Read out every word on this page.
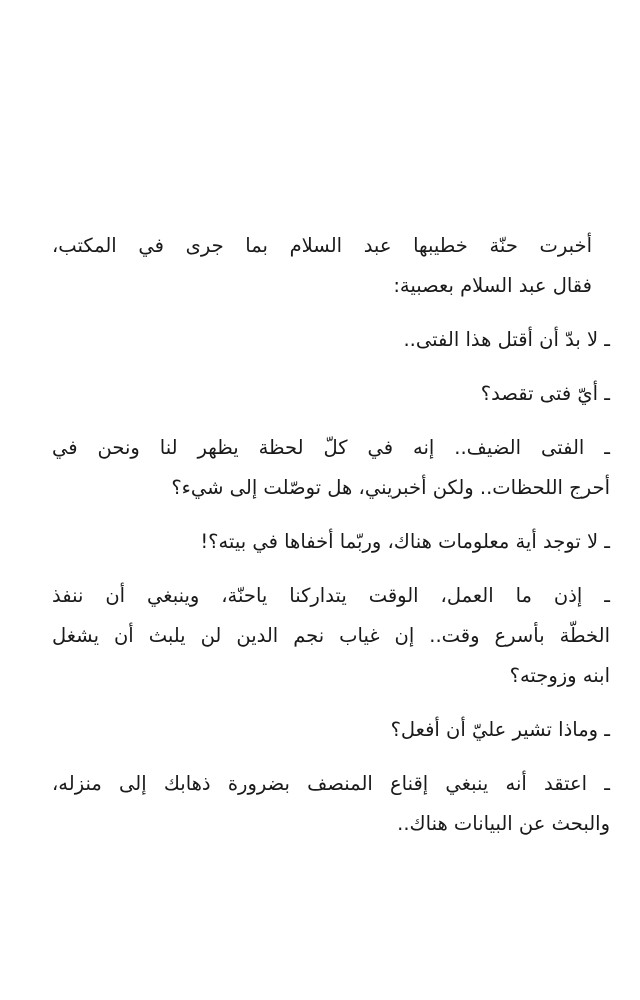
أخبرت حنّة خطيبها عبد السلام بما جرى في المكتب،
فقال عبد السلام بعصبية:

ـ لا بدّ أن أقتل هذا الفتى..

ـ أيّ فتى تقصد؟

ـ الفتى الضيف.. إنه في كلّ لحظة يظهر لنا ونحن في
أحرج اللحظات.. ولكن أخبريني، هل توصّلت إلى شيء؟

ـ لا توجد أية معلومات هناك، وربّما أخفاها في بيته؟!

ـ إذن ما العمل، الوقت يتداركنا ياحنّة، وينبغي أن ننفذ
الخطّة بأسرع وقت.. إن غياب نجم الدين لن يلبث أن يشغل
ابنه وزوجته؟

ـ وماذا تشير عليّ أن أفعل؟

ـ اعتقد أنه ينبغي إقناع المنصف بضرورة ذهابك إلى منزله،
والبحث عن البيانات هناك..
